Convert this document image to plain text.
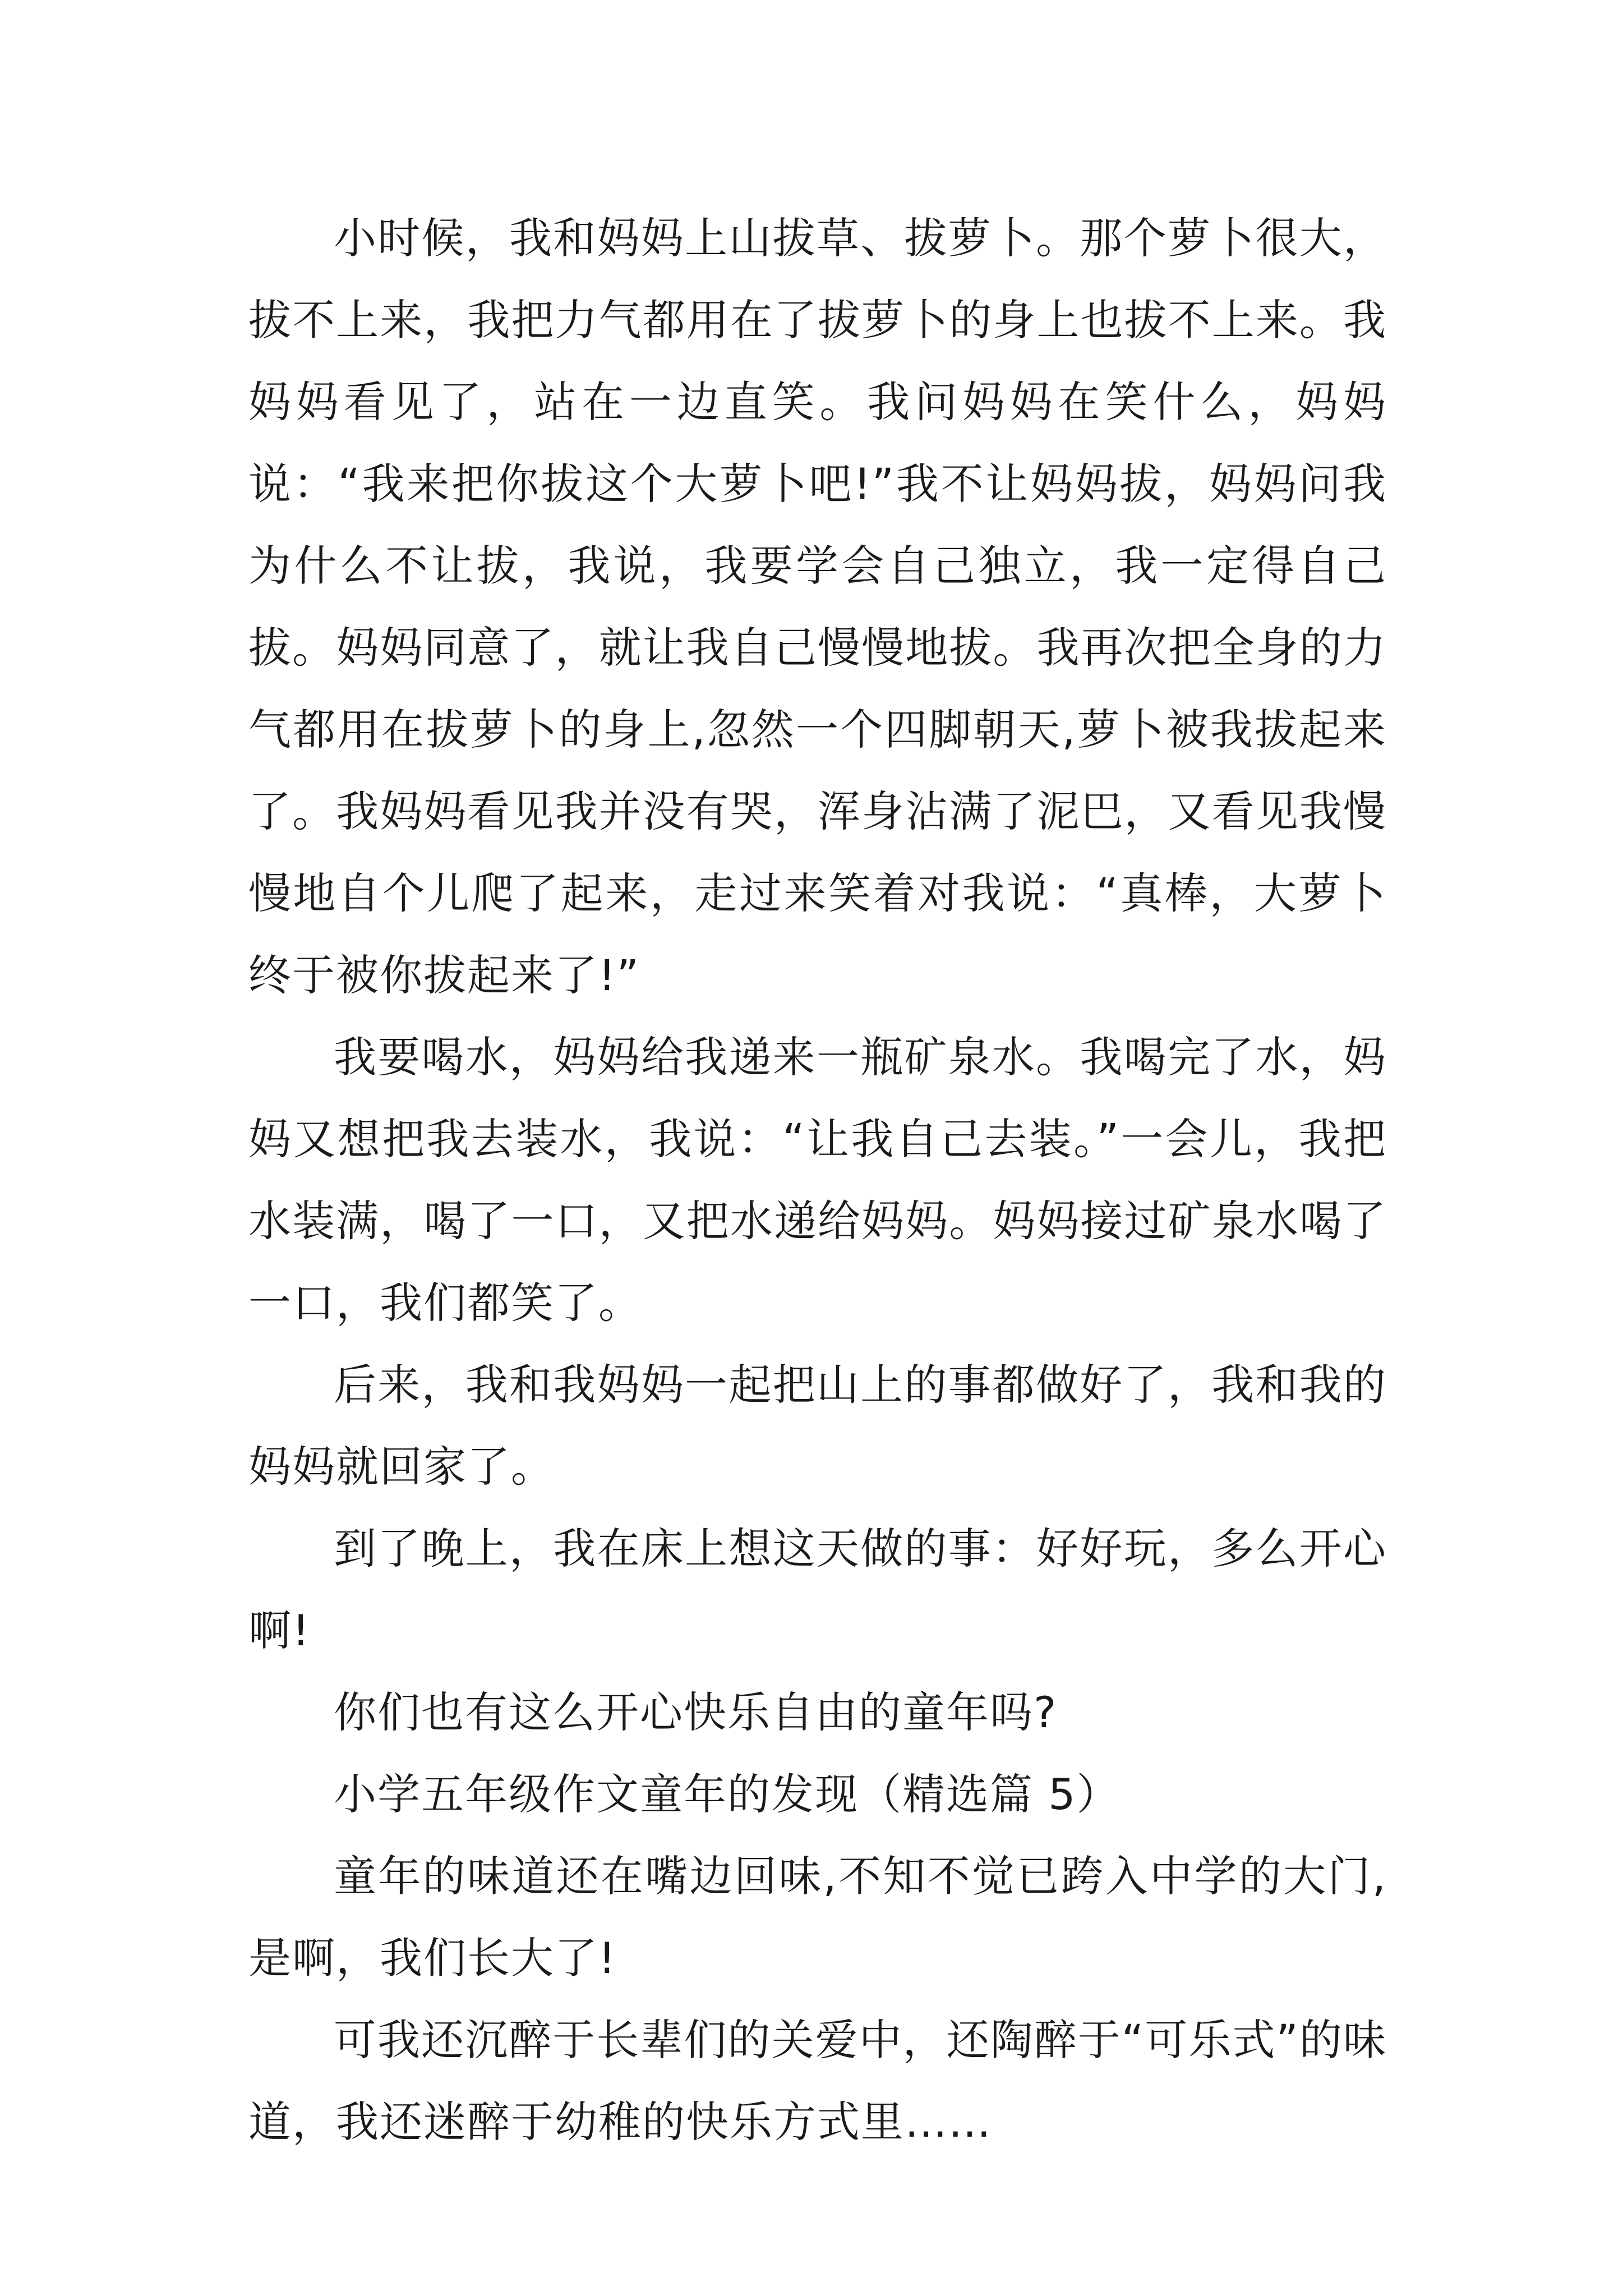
小时候，我和妈妈上山拔草、拔萝卜。那个萝卜很大，拔不上来，我把力气都用在了拔萝卜的身上也拔不上来。我妈妈看见了，站在一边直笑。我问妈妈在笑什么，妈妈说：“我来把你拔这个大萝卜吧!”我不让妈妈拔，妈妈问我为什么不让拔，我说，我要学会自己独立，我一定得自己拔。妈妈同意了，就让我自己慢慢地拔。我再次把全身的力气都用在拔萝卜的身上,忽然一个四脚朝天,萝卜被我拔起来了。我妈妈看见我并没有哭，浑身沾满了泥巴，又看见我慢慢地自个儿爬了起来，走过来笑着对我说：“真棒，大萝卜终于被你拔起来了!”

我要喝水，妈妈给我递来一瓶矿泉水。我喝完了水，妈妈又想把我去装水，我说：“让我自己去装。”一会儿，我把水装满，喝了一口，又把水递给妈妈。妈妈接过矿泉水喝了一口，我们都笑了。

后来，我和我妈妈一起把山上的事都做好了，我和我的妈妈就回家了。

到了晚上，我在床上想这天做的事：好好玩，多么开心啊!

你们也有这么开心快乐自由的童年吗?

小学五年级作文童年的发现（精选篇 5）

童年的味道还在嘴边回味,不知不觉已跨入中学的大门,是啊，我们长大了!

可我还沉醉于长辈们的关爱中，还陶醉于“可乐式”的味道，我还迷醉于幼稚的快乐方式里……
